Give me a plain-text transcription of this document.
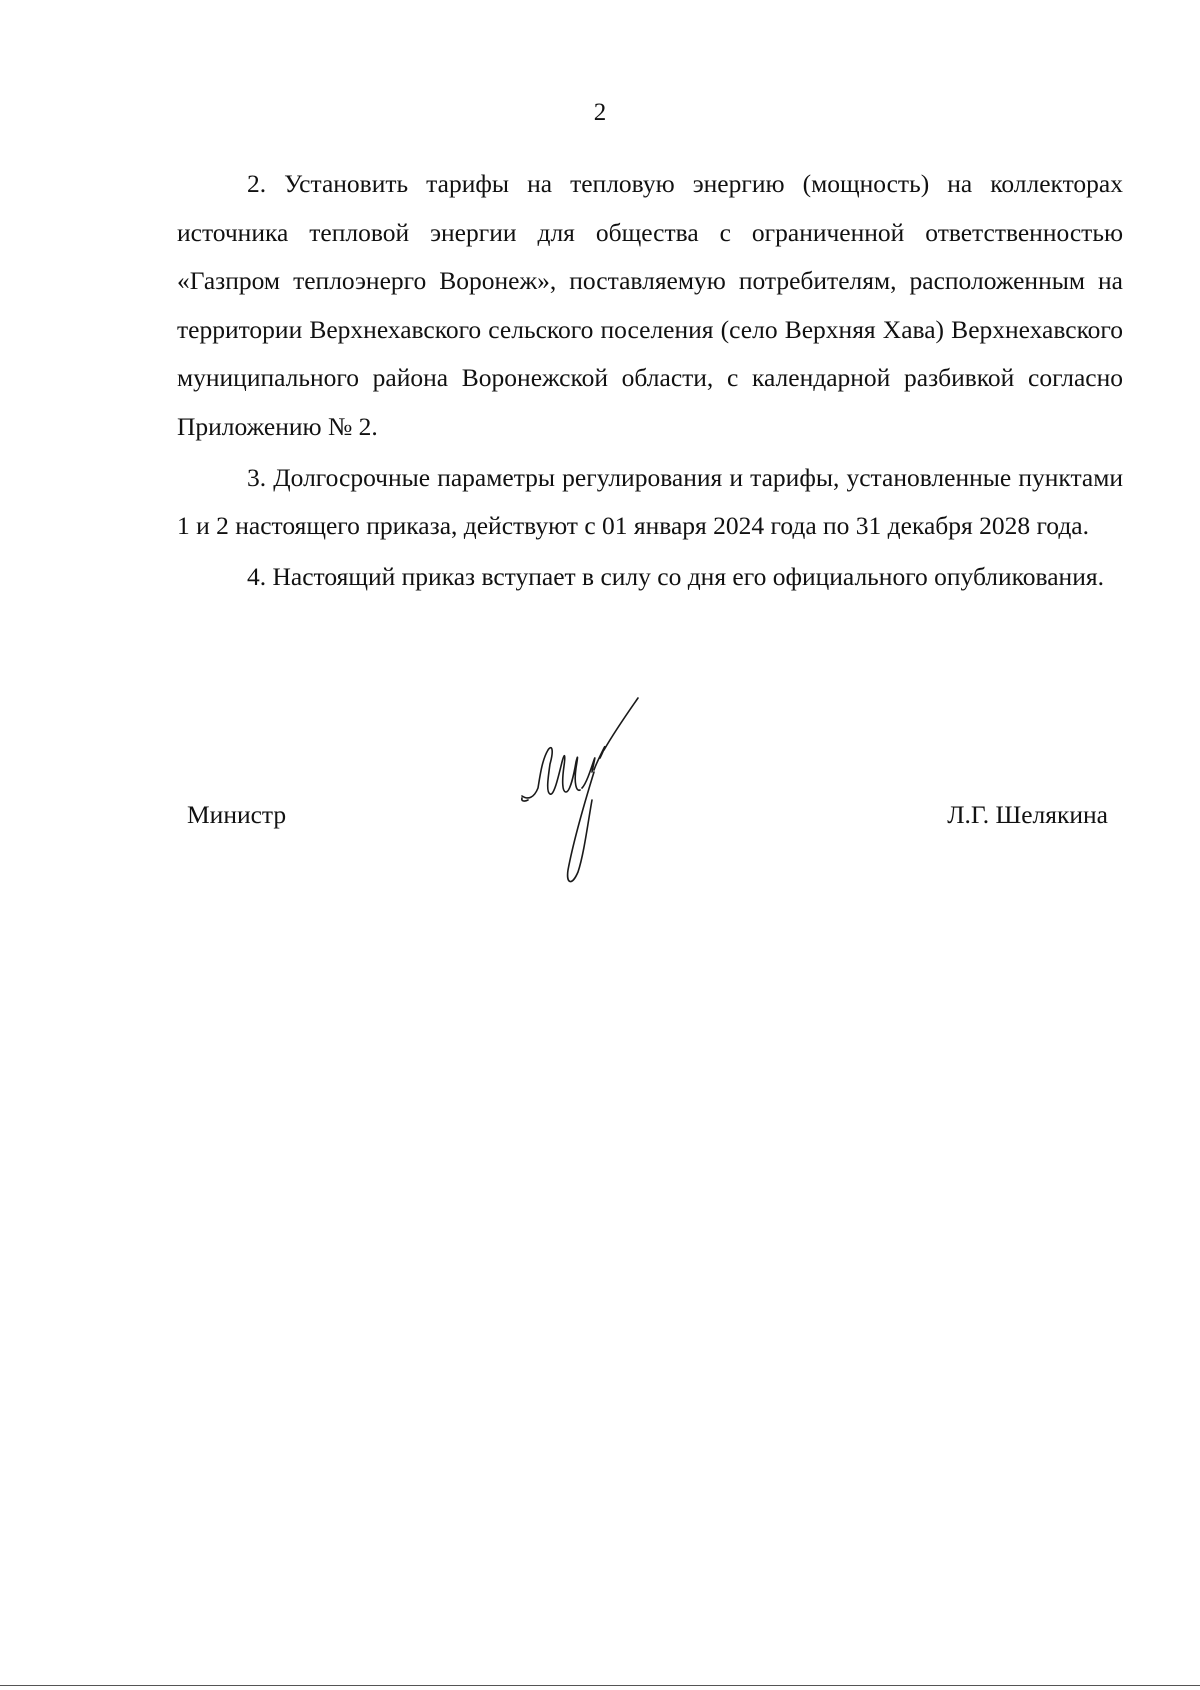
2

2. Установить тарифы на тепловую энергию (мощность) на коллекторах источника тепловой энергии для общества с ограниченной ответственностью «Газпром теплоэнерго Воронеж», поставляемую потребителям, расположенным на территории Верхнехавского сельского поселения (село Верхняя Хава) Верхнехавского муниципального района Воронежской области, с календарной разбивкой согласно Приложению № 2.

3. Долгосрочные параметры регулирования и тарифы, установленные пунктами 1 и 2 настоящего приказа, действуют с 01 января 2024 года по 31 декабря 2028 года.

4. Настоящий приказ вступает в силу со дня его официального опубликования.

Министр	Л.Г. Шелякина
